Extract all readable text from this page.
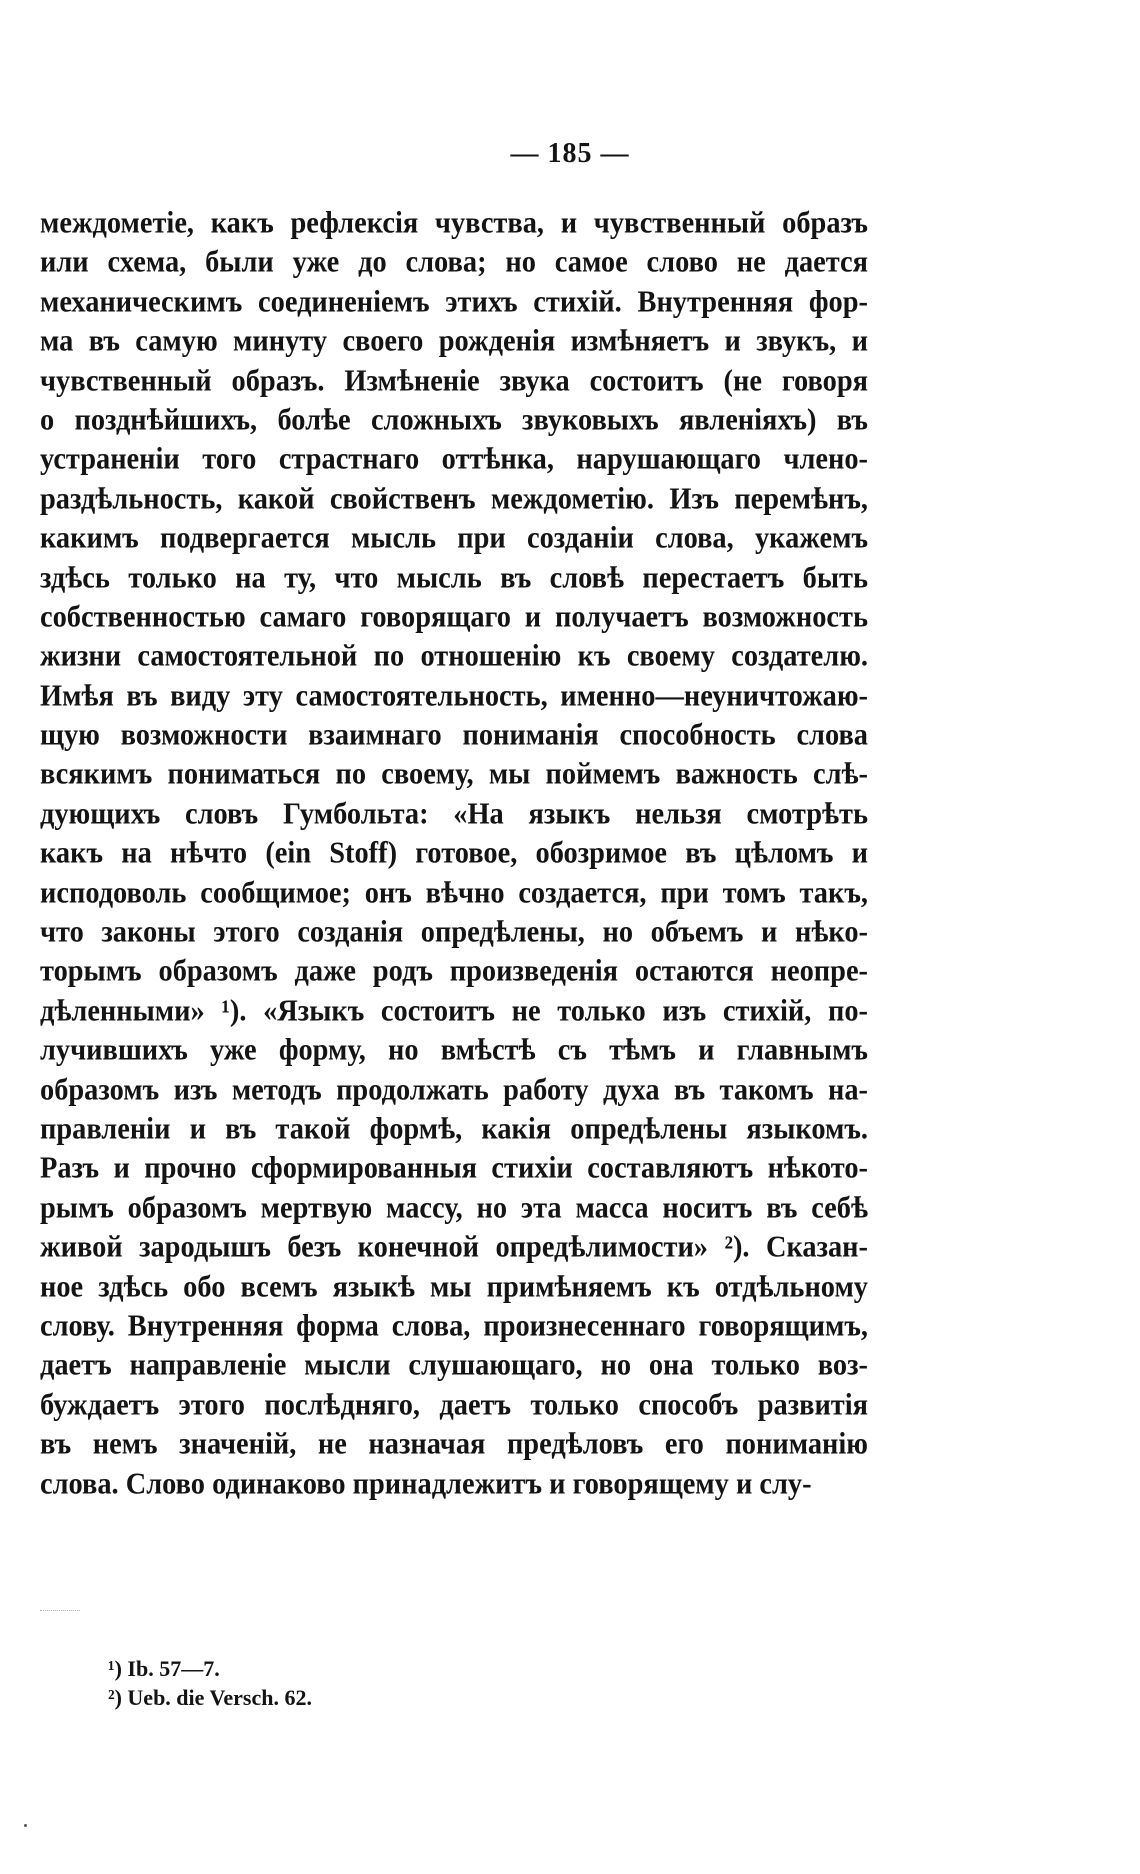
— 185 —
междометіе, какъ рефлексія чувства, и чувственный образъ
или схема, были уже до слова; но самое слово не дается
механическимъ соединеніемъ этихъ стихій. Внутренняя фор-
ма въ самую минуту своего рожденія измѣняетъ и звукъ, и
чувственный образъ. Измѣненіе звука состоитъ (не говоря
о позднѣйшихъ, болѣе сложныхъ звуковыхъ явленіяхъ) въ
устраненіи того страстнаго оттѣнка, нарушающаго члено-
раздѣльность, какой свойственъ междометію. Изъ перемѣнъ,
какимъ подвергается мысль при созданіи слова, укажемъ
здѣсь только на ту, что мысль въ словѣ перестаетъ быть
собственностью самаго говорящаго и получаетъ возможность
жизни самостоятельной по отношенію къ своему создателю.
Имѣя въ виду эту самостоятельность, именно—неуничтожаю-
щую возможности взаимнаго пониманія способность слова
всякимъ пониматься по своему, мы поймемъ важность слѣ-
дующихъ словъ Гумбольта: «На языкъ нельзя смотрѣть
какъ на нѣчто (ein Stoff) готовое, обозримое въ цѣломъ и
исподоволь сообщимое; онъ вѣчно создается, при томъ такъ,
что законы этого созданія опредѣлены, но объемъ и нѣко-
торымъ образомъ даже родъ произведенія остаются неопре-
дѣленными» ¹). «Языкъ состоитъ не только изъ стихій, по-
лучившихъ уже форму, но вмѣстѣ съ тѣмъ и главнымъ
образомъ изъ методъ продолжать работу духа въ такомъ на-
правленіи и въ такой формѣ, какія опредѣлены языкомъ.
Разъ и прочно сформированныя стихіи составляютъ нѣкото-
рымъ образомъ мертвую массу, но эта масса носитъ въ себѣ
живой зародышъ безъ конечной опредѣлимости» ²). Сказан-
ное здѣсь обо всемъ языкѣ мы примѣняемъ къ отдѣльному
слову. Внутренняя форма слова, произнесеннаго говорящимъ,
даетъ направленіе мысли слушающаго, но она только воз-
буждаетъ этого послѣдняго, даетъ только способъ развитія
въ немъ значеній, не назначая предѣловъ его пониманію
слова. Слово одинаково принадлежитъ и говорящему и слу-
¹) Ib. 57—7.
²) Ueb. die Versch. 62.
